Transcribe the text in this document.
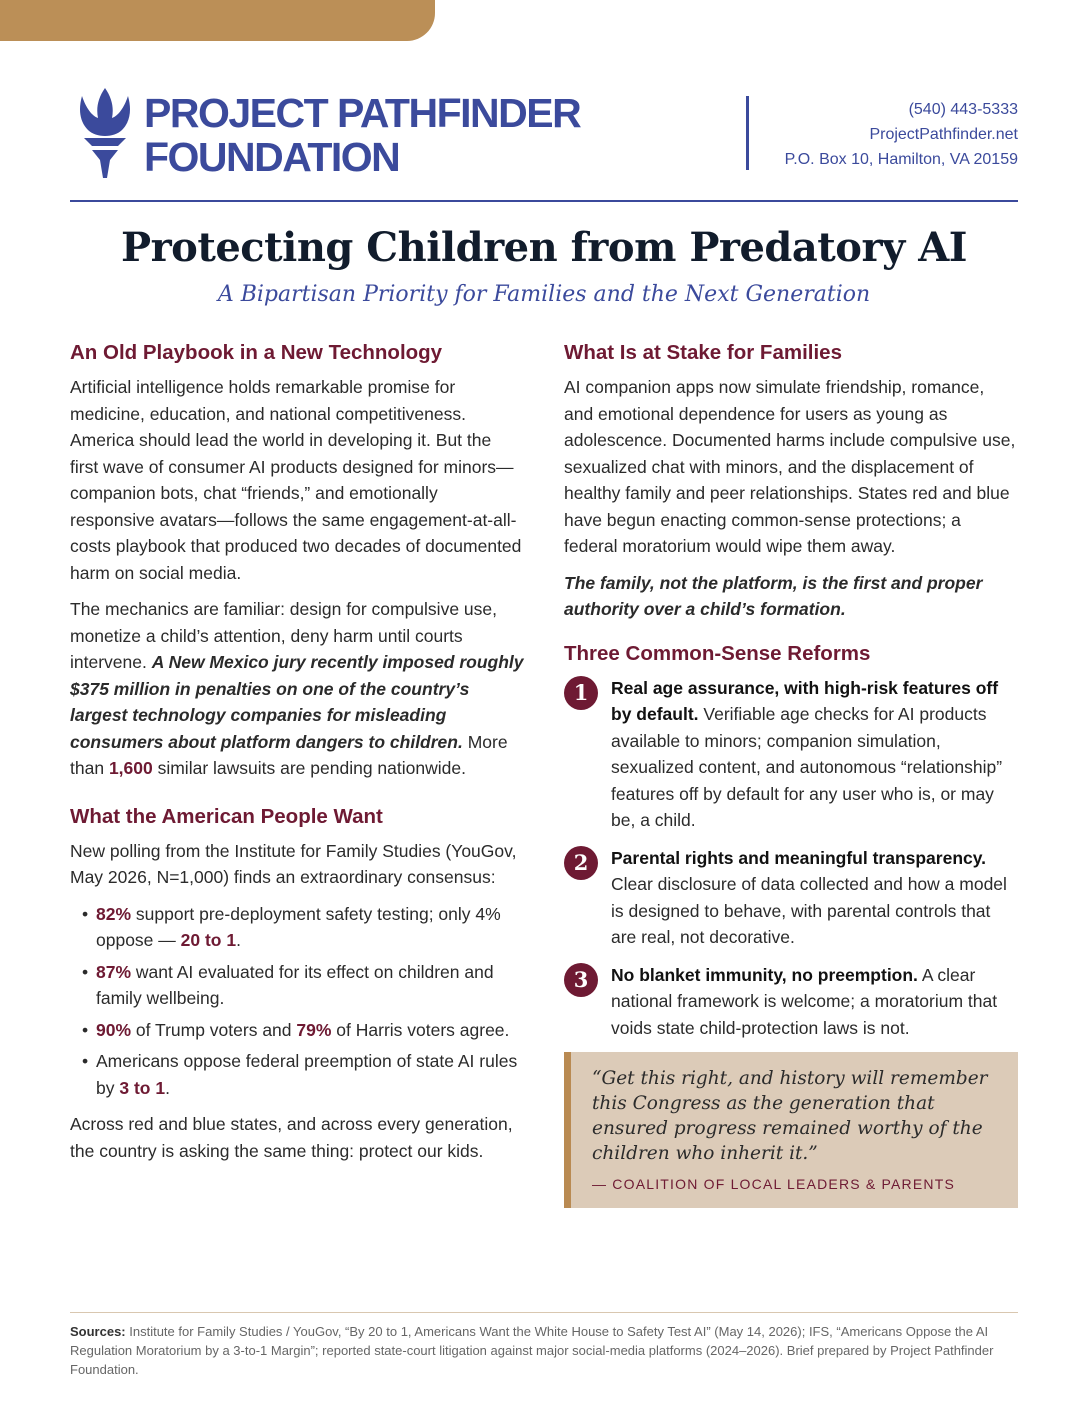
PROJECT PATHFINDER
FOUNDATION
(540) 443-5333
ProjectPathfinder.net
P.O. Box 10, Hamilton, VA 20159
Protecting Children from Predatory AI
A Bipartisan Priority for Families and the Next Generation
An Old Playbook in a New Technology

Artificial intelligence holds remarkable promise for medicine, education, and national competitiveness. America should lead the world in developing it. But the first wave of consumer AI products designed for minors—companion bots, chat “friends,” and emotionally responsive avatars—follows the same engagement-at-all-costs playbook that produced two decades of documented harm on social media.

The mechanics are familiar: design for compulsive use, monetize a child’s attention, deny harm until courts intervene. A New Mexico jury recently imposed roughly $375 million in penalties on one of the country’s largest technology companies for misleading consumers about platform dangers to children. More than 1,600 similar lawsuits are pending nationwide.

What the American People Want

New polling from the Institute for Family Studies (YouGov, May 2026, N=1,000) finds an extraordinary consensus:

• 82% support pre-deployment safety testing; only 4% oppose — 20 to 1.
• 87% want AI evaluated for its effect on children and family wellbeing.
• 90% of Trump voters and 79% of Harris voters agree.
• Americans oppose federal preemption of state AI rules by 3 to 1.

Across red and blue states, and across every generation, the country is asking the same thing: protect our kids.

What Is at Stake for Families

AI companion apps now simulate friendship, romance, and emotional dependence for users as young as adolescence. Documented harms include compulsive use, sexualized chat with minors, and the displacement of healthy family and peer relationships. States red and blue have begun enacting common-sense protections; a federal moratorium would wipe them away.

The family, not the platform, is the first and proper authority over a child’s formation.

Three Common-Sense Reforms
1	Real age assurance, with high-risk features off by default. Verifiable age checks for AI products available to minors; companion simulation, sexualized content, and autonomous “relationship” features off by default for any user who is, or may be, a child.

2	Parental rights and meaningful transparency. Clear disclosure of data collected and how a model is designed to behave, with parental controls that are real, not decorative.

3	No blanket immunity, no preemption. A clear national framework is welcome; a moratorium that voids state child-protection laws is not.

“Get this right, and history will remember this Congress as the generation that ensured progress remained worthy of the children who inherit it.”

— COALITION OF LOCAL LEADERS & PARENTS
Sources: Institute for Family Studies / YouGov, “By 20 to 1, Americans Want the White House to Safety Test AI” (May 14, 2026); IFS, “Americans Oppose the AI Regulation Moratorium by a 3-to-1 Margin”; reported state-court litigation against major social-media platforms (2024–2026). Brief prepared by Project Pathfinder Foundation.
